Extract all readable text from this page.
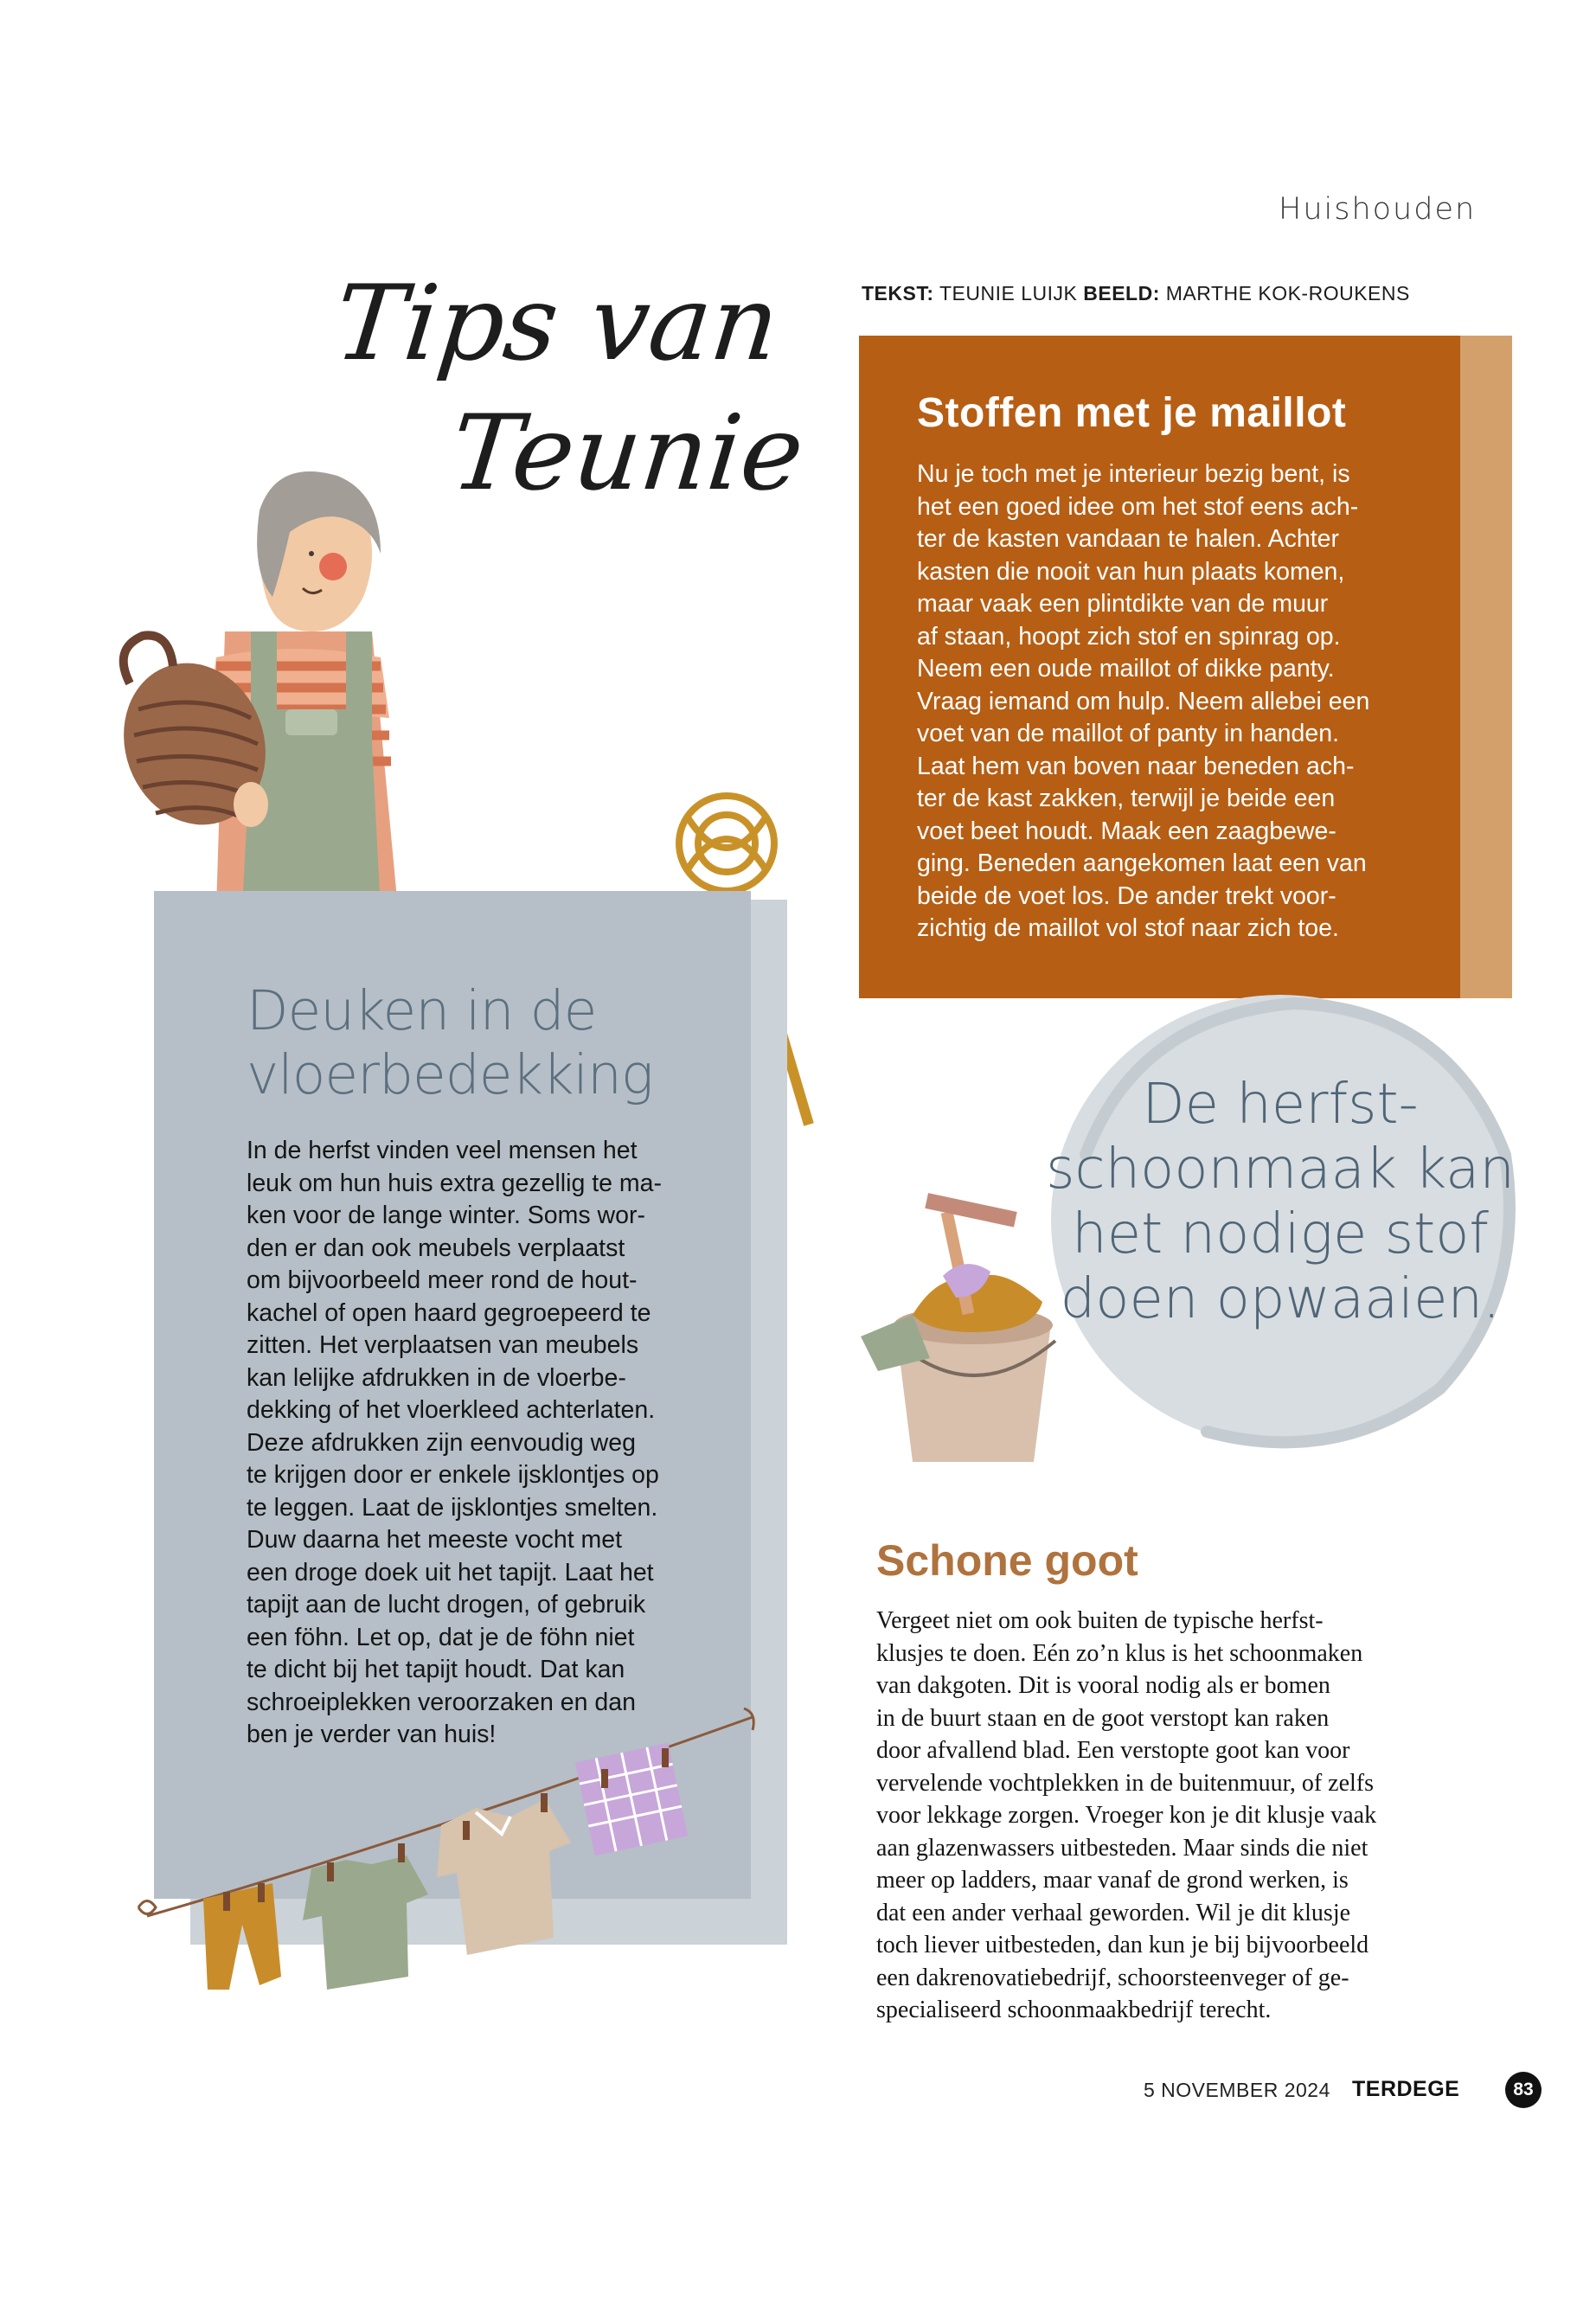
Huishouden
TEKST: TEUNIE LUIJK BEELD: MARTHE KOK-ROUKENS
Tips van
Teunie
Deuken in de
vloerbedekking
In de herfst vinden veel mensen het
leuk om hun huis extra gezellig te ma-
ken voor de lange winter. Soms wor-
den er dan ook meubels verplaatst
om bijvoorbeeld meer rond de hout-
kachel of open haard gegroepeerd te
zitten. Het verplaatsen van meubels
kan lelijke afdrukken in de vloerbe-
dekking of het vloerkleed achterlaten.
Deze afdrukken zijn eenvoudig weg
te krijgen door er enkele ijsklontjes op
te leggen. Laat de ijsklontjes smelten.
Duw daarna het meeste vocht met
een droge doek uit het tapijt. Laat het
tapijt aan de lucht drogen, of gebruik
een föhn. Let op, dat je de föhn niet
te dicht bij het tapijt houdt. Dat kan
schroeiplekken veroorzaken en dan
ben je verder van huis!
Stoffen met je maillot
Nu je toch met je interieur bezig bent, is
het een goed idee om het stof eens ach-
ter de kasten vandaan te halen. Achter
kasten die nooit van hun plaats komen,
maar vaak een plintdikte van de muur
af staan, hoopt zich stof en spinrag op.
Neem een oude maillot of dikke panty.
Vraag iemand om hulp. Neem allebei een
voet van de maillot of panty in handen.
Laat hem van boven naar beneden ach-
ter de kast zakken, terwijl je beide een
voet beet houdt. Maak een zaagbewe-
ging. Beneden aangekomen laat een van
beide de voet los. De ander trekt voor-
zichtig de maillot vol stof naar zich toe.
De herfst-
schoonmaak kan
het nodige stof
doen opwaaien.
Schone goot
Vergeet niet om ook buiten de typische herfst-
klusjes te doen. Eén zo’n klus is het schoonmaken
van dakgoten. Dit is vooral nodig als er bomen
in de buurt staan en de goot verstopt kan raken
door afvallend blad. Een verstopte goot kan voor
vervelende vochtplekken in de buitenmuur, of zelfs
voor lekkage zorgen. Vroeger kon je dit klusje vaak
aan glazenwassers uitbesteden. Maar sinds die niet
meer op ladders, maar vanaf de grond werken, is
dat een ander verhaal geworden. Wil je dit klusje
toch liever uitbesteden, dan kun je bij bijvoorbeeld
een dakrenovatiebedrijf, schoorsteenveger of ge-
specialiseerd schoonmaakbedrijf terecht.
5 NOVEMBER 2024 TERDEGE	83
